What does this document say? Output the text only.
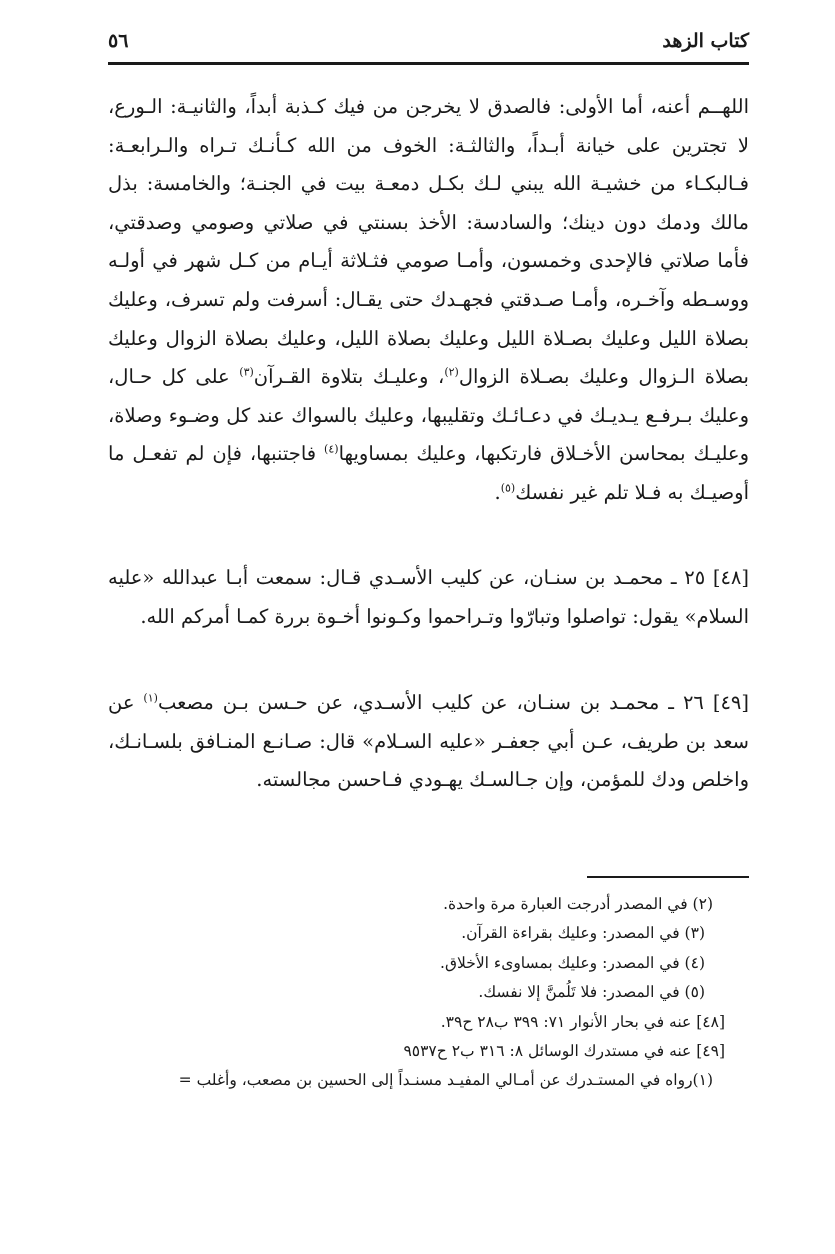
كتاب الزهد
٥٦

اللهــم أعنه، أما الأولى: فالصدق لا يخرجن من فيك كـذبة أبداً، والثانيـة: الـورع، لا تجترين على خيانة أبـداً، والثالثـة: الخوف من الله كـأنـك تـراه والـرابعـة: فـالبكـاء من خشيـة الله يبني لـك بكـل دمعـة بيت في الجنـة؛ والخامسة: بذل مالك ودمك دون دينك؛ والسادسة: الأخذ بسنتي في صلاتي وصومي وصدقتي، فأما صلاتي فالإحدى وخمسون، وأمـا صومي فثـلاثة أيـام من كـل شهر في أولـه ووسـطه وآخـره، وأمـا صـدقتي فجهـدك حتى يقـال: أسرفت ولم تسرف، وعليك بصلاة الليل وعليك بصـلاة الليل وعليك بصلاة الليل، وعليك بصلاة الزوال وعليك بصلاة الـزوال وعليك بصـلاة الزوال$^{(٢)}$، وعليـك بتلاوة القـرآن$^{(٣)}$ على كل حـال، وعليك بـرفـع يـديـك في دعـائـك وتقليبها، وعليك بالسواك عند كل وضـوء وصلاة، وعليـك بمحاسن الأخـلاق فارتكبها، وعليك بمساويها$^{(٤)}$ فاجتنبها، فإن لم تفعـل ما أوصيـك به فـلا تلم غير نفسك$^{(٥)}$.

[٤٨] ٢٥ ـ محمـد بن سنـان، عن كليب الأسـدي قـال: سمعت أبـا عبدالله «عليه السلام» يقول: تواصلوا وتبارّوا وتـراحموا وكـونوا أخـوة بررة كمـا أمركم الله.

[٤٩] ٢٦ ـ محمـد بن سنـان، عن كليب الأسـدي، عن حـسن بـن مصعب$^{(١)}$ عن سعد بن طريف، عـن أبي جعفـر «عليه السـلام» قال: صـانـع المنـافق بلسـانـك، واخلص ودك للمؤمن، وإن جـالسـك يهـودي فـاحسن مجالسته.

(٢) في المصدر أدرجت العبارة مرة واحدة.
(٣) في المصدر: وعليك بقراءة القرآن.
(٤) في المصدر: وعليك بمساوىء الأخلاق.
(٥) في المصدر: فلا تَلُمنَّ إلا نفسك.
[٤٨] عنه في بحار الأنوار ٧١: ٣٩٩ ب٢٨ ح٣٩.
[٤٩] عنه في مستدرك الوسائل ٨: ٣١٦ ب٢ ح٩٥٣٧
(١)رواه في المستـدرك عن أمـالي المفيـد مسنـداً إلى الحسين بن مصعب، وأغلب =
